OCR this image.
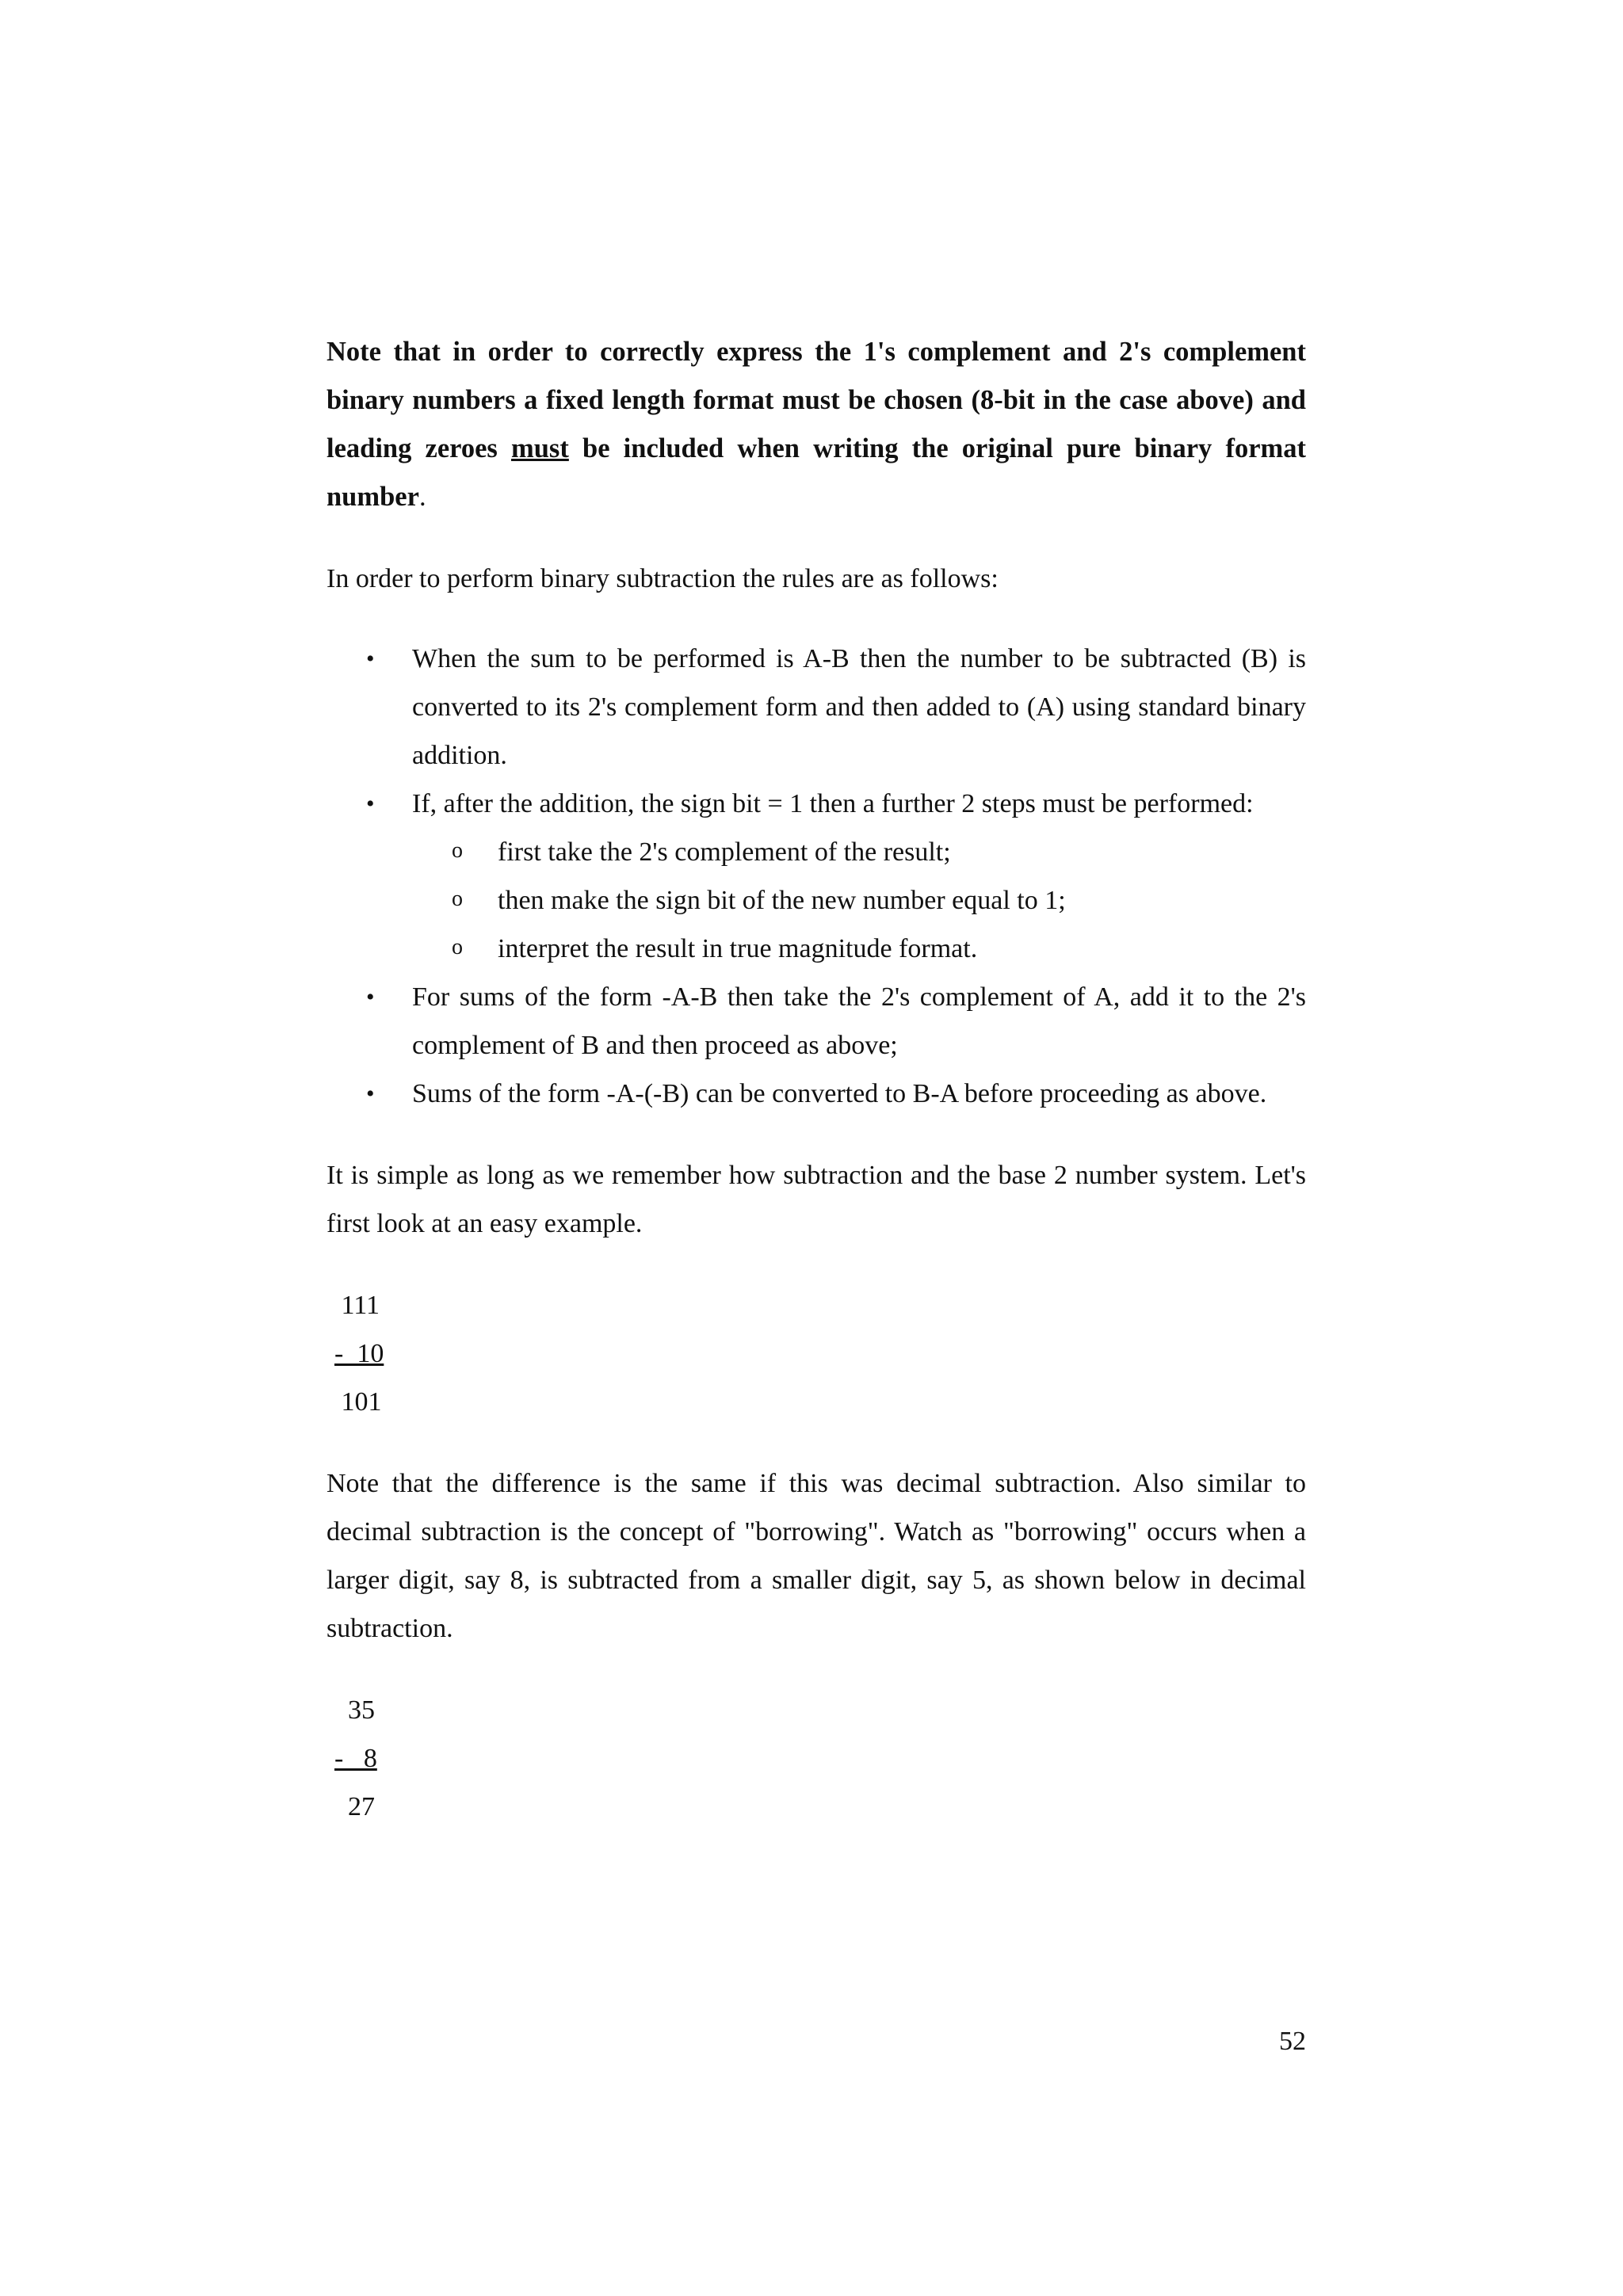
Note that in order to correctly express the 1's complement and 2's complement binary numbers a fixed length format must be chosen (8-bit in the case above) and leading zeroes must be included when writing the original pure binary format number.

In order to perform binary subtraction the rules are as follows:

• When the sum to be performed is A-B then the number to be subtracted (B) is converted to its 2's complement form and then added to (A) using standard binary addition.
• If, after the addition, the sign bit = 1 then a further 2 steps must be performed:
o first take the 2's complement of the result;
o then make the sign bit of the new number equal to 1;
o interpret the result in true magnitude format.
• For sums of the form -A-B then take the 2's complement of A, add it to the 2's complement of B and then proceed as above;
• Sums of the form -A-(-B) can be converted to B-A before proceeding as above.

It is simple as long as we remember how subtraction and the base 2 number system. Let's first look at an easy example.

111
-  10
101

Note that the difference is the same if this was decimal subtraction. Also similar to decimal subtraction is the concept of "borrowing". Watch as "borrowing" occurs when a larger digit, say 8, is subtracted from a smaller digit, say 5, as shown below in decimal subtraction.

35
-   8
27
52
